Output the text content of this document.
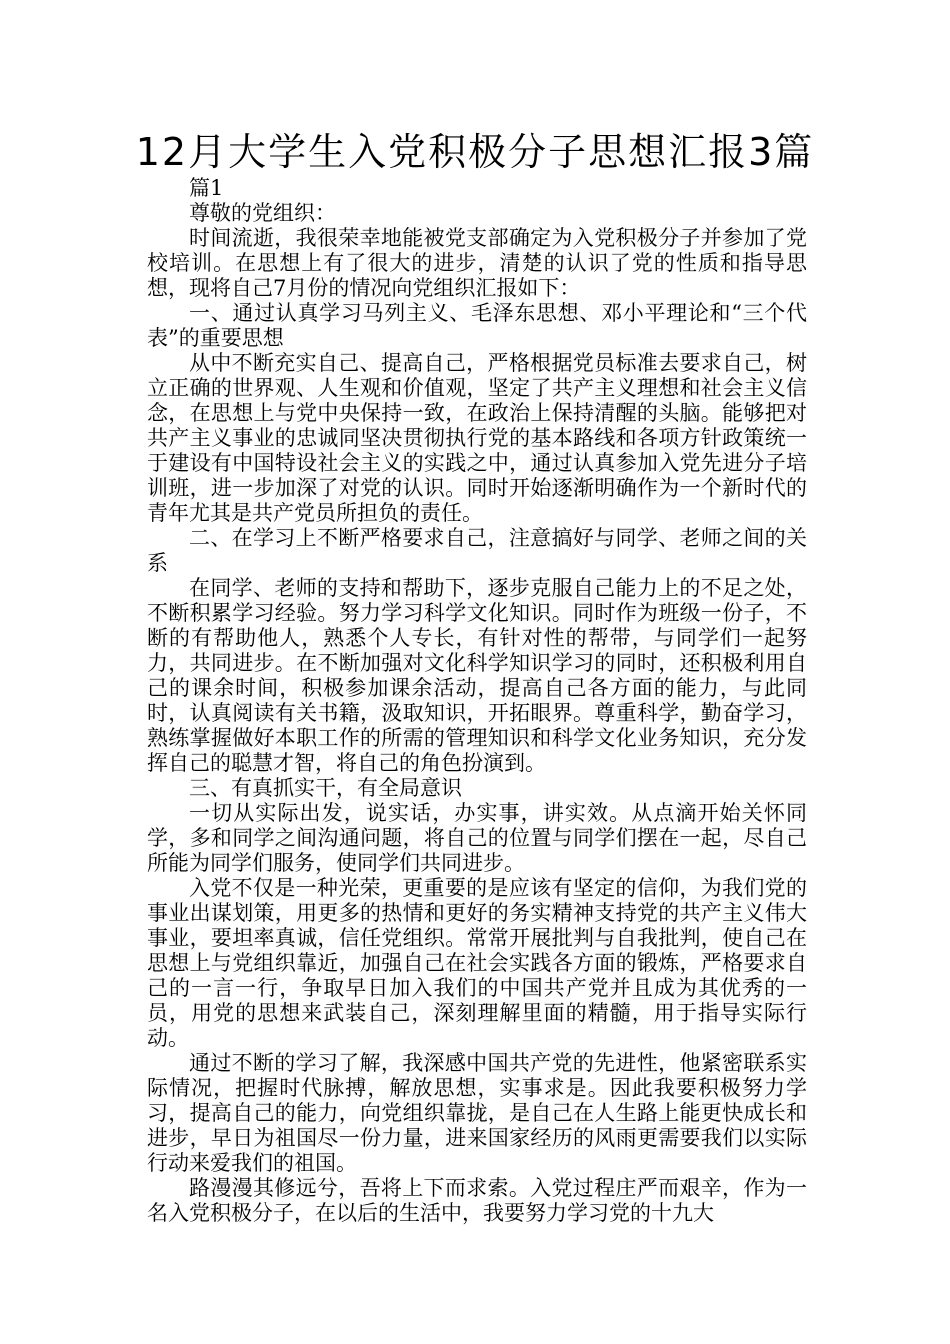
12月大学生入党积极分子思想汇报3篇

篇1

尊敬的党组织：

时间流逝，我很荣幸地能被党支部确定为入党积极分子并参加了党校培训。在思想上有了很大的进步，清楚的认识了党的性质和指导思想，现将自己7月份的情况向党组织汇报如下：

一、通过认真学习马列主义、毛泽东思想、邓小平理论和“三个代表”的重要思想

从中不断充实自己、提高自己，严格根据党员标准去要求自己，树立正确的世界观、人生观和价值观，坚定了共产主义理想和社会主义信念，在思想上与党中央保持一致，在政治上保持清醒的头脑。能够把对共产主义事业的忠诚同坚决贯彻执行党的基本路线和各项方针政策统一于建设有中国特设社会主义的实践之中，通过认真参加入党先进分子培训班，进一步加深了对党的认识。同时开始逐渐明确作为一个新时代的青年尤其是共产党员所担负的责任。

二、在学习上不断严格要求自己，注意搞好与同学、老师之间的关系

在同学、老师的支持和帮助下，逐步克服自己能力上的不足之处，不断积累学习经验。努力学习科学文化知识。同时作为班级一份子，不断的有帮助他人，熟悉个人专长，有针对性的帮带，与同学们一起努力，共同进步。在不断加强对文化科学知识学习的同时，还积极利用自己的课余时间，积极参加课余活动，提高自己各方面的能力，与此同时，认真阅读有关书籍，汲取知识，开拓眼界。尊重科学，勤奋学习，熟练掌握做好本职工作的所需的管理知识和科学文化业务知识，充分发挥自己的聪慧才智，将自己的角色扮演到。

三、有真抓实干，有全局意识

一切从实际出发，说实话，办实事，讲实效。从点滴开始关怀同学，多和同学之间沟通问题，将自己的位置与同学们摆在一起，尽自己所能为同学们服务，使同学们共同进步。

入党不仅是一种光荣，更重要的是应该有坚定的信仰，为我们党的事业出谋划策，用更多的热情和更好的务实精神支持党的共产主义伟大事业，要坦率真诚，信任党组织。常常开展批判与自我批判，使自己在思想上与党组织靠近，加强自己在社会实践各方面的锻炼，严格要求自己的一言一行，争取早日加入我们的中国共产党并且成为其优秀的一员，用党的思想来武装自己，深刻理解里面的精髓，用于指导实际行动。

通过不断的学习了解，我深感中国共产党的先进性，他紧密联系实际情况，把握时代脉搏，解放思想，实事求是。因此我要积极努力学习，提高自己的能力，向党组织靠拢，是自己在人生路上能更快成长和进步，早日为祖国尽一份力量，进来国家经历的风雨更需要我们以实际行动来爱我们的祖国。

路漫漫其修远兮，吾将上下而求索。入党过程庄严而艰辛，作为一名入党积极分子，在以后的生活中，我要努力学习党的十九大
